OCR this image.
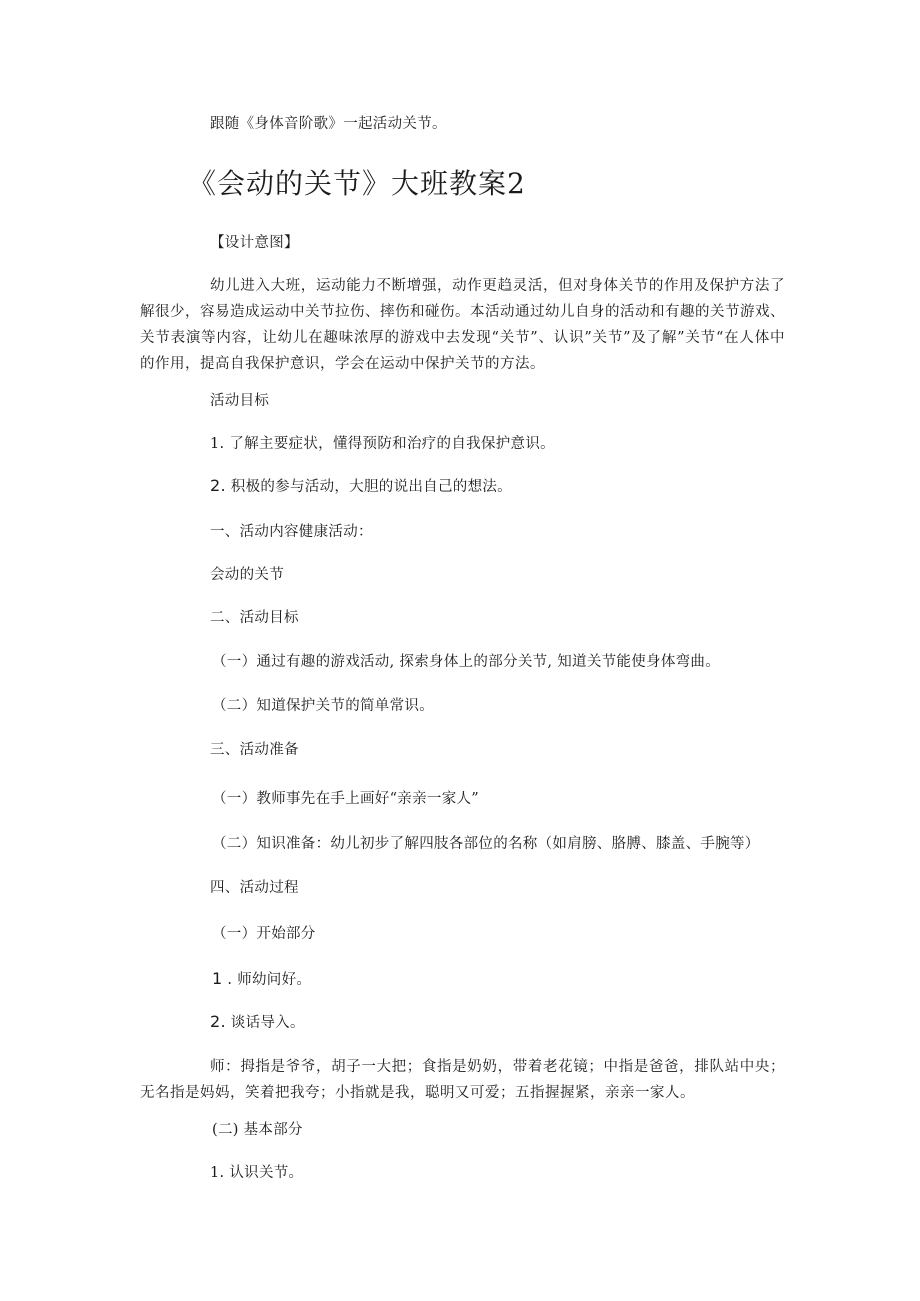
跟随《身体音阶歌》一起活动关节。
《会动的关节》大班教案2
【设计意图】
幼儿进入大班，运动能力不断增强，动作更趋灵活，但对身体关节的作用及保护方法了解很少，容易造成运动中关节拉伤、摔伤和碰伤。本活动通过幼儿自身的活动和有趣的关节游戏、关节表演等内容，让幼儿在趣味浓厚的游戏中去发现“关节”、认识”关节”及了解”关节“在人体中的作用，提高自我保护意识，学会在运动中保护关节的方法。
活动目标
1. 了解主要症状，懂得预防和治疗的自我保护意识。
2. 积极的参与活动，大胆的说出自己的想法。
一、活动内容健康活动：
会动的关节
二、活动目标
（一）通过有趣的游戏活动, 探索身体上的部分关节, 知道关节能使身体弯曲。
（二）知道保护关节的简单常识。
三、活动准备
（一）教师事先在手上画好“亲亲一家人”
（二）知识准备：幼儿初步了解四肢各部位的名称（如肩膀、胳膊、膝盖、手腕等）
四、活动过程
（一）开始部分
1 . 师幼问好。
2. 谈话导入。
师：拇指是爷爷，胡子一大把；食指是奶奶，带着老花镜；中指是爸爸，排队站中央；无名指是妈妈，笑着把我夸；小指就是我，聪明又可爱；五指握握紧，亲亲一家人。
(二) 基本部分
1. 认识关节。
